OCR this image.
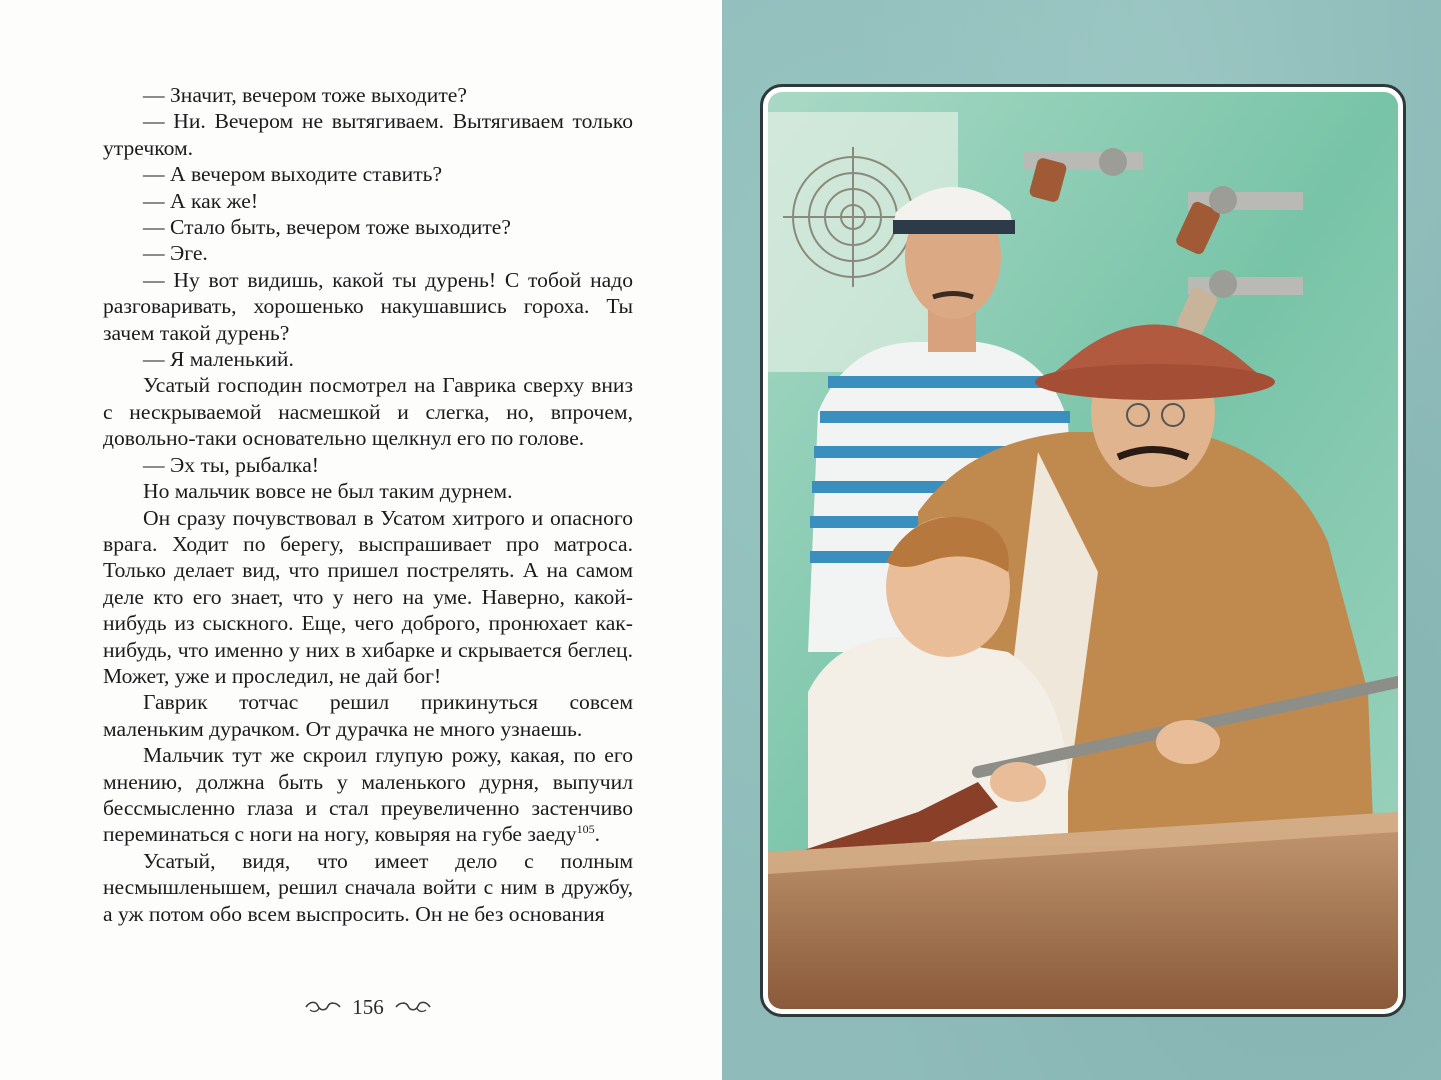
— Значит, вечером тоже выходите?

— Ни. Вечером не вытягиваем. Вытягиваем только утречком.

— А вечером выходите ставить?

— А как же!

— Стало быть, вечером тоже выходите?

— Эге.

— Ну вот видишь, какой ты дурень! С тобой надо разговаривать, хорошенько накушавшись гороха. Ты зачем такой дурень?

— Я маленький.

Усатый господин посмотрел на Гаврика сверху вниз с нескрываемой насмешкой и слегка, но, впрочем, довольно-таки основательно щелкнул его по голове.

— Эх ты, рыбалка!

Но мальчик вовсе не был таким дурнем.

Он сразу почувствовал в Усатом хитрого и опасного врага. Ходит по берегу, выспрашивает про матроса. Только делает вид, что пришел пострелять. А на самом деле кто его знает, что у него на уме. Наверно, какой-нибудь из сыскного. Еще, чего доброго, пронюхает как-нибудь, что именно у них в хибарке и скрывается беглец. Может, уже и проследил, не дай бог!

Гаврик тотчас решил прикинуться совсем маленьким дурачком. От дурачка не много узнаешь.

Мальчик тут же скроил глупую рожу, какая, по его мнению, должна быть у маленького дурня, выпучил бессмысленно глаза и стал преувеличенно застенчиво переминаться с ноги на ногу, ковыряя на губе заеду$^{105}$.

Усатый, видя, что имеет дело с полным несмышленышем, решил сначала войти с ним в дружбу, а уж потом обо всем выспросить. Он не без основания

156
